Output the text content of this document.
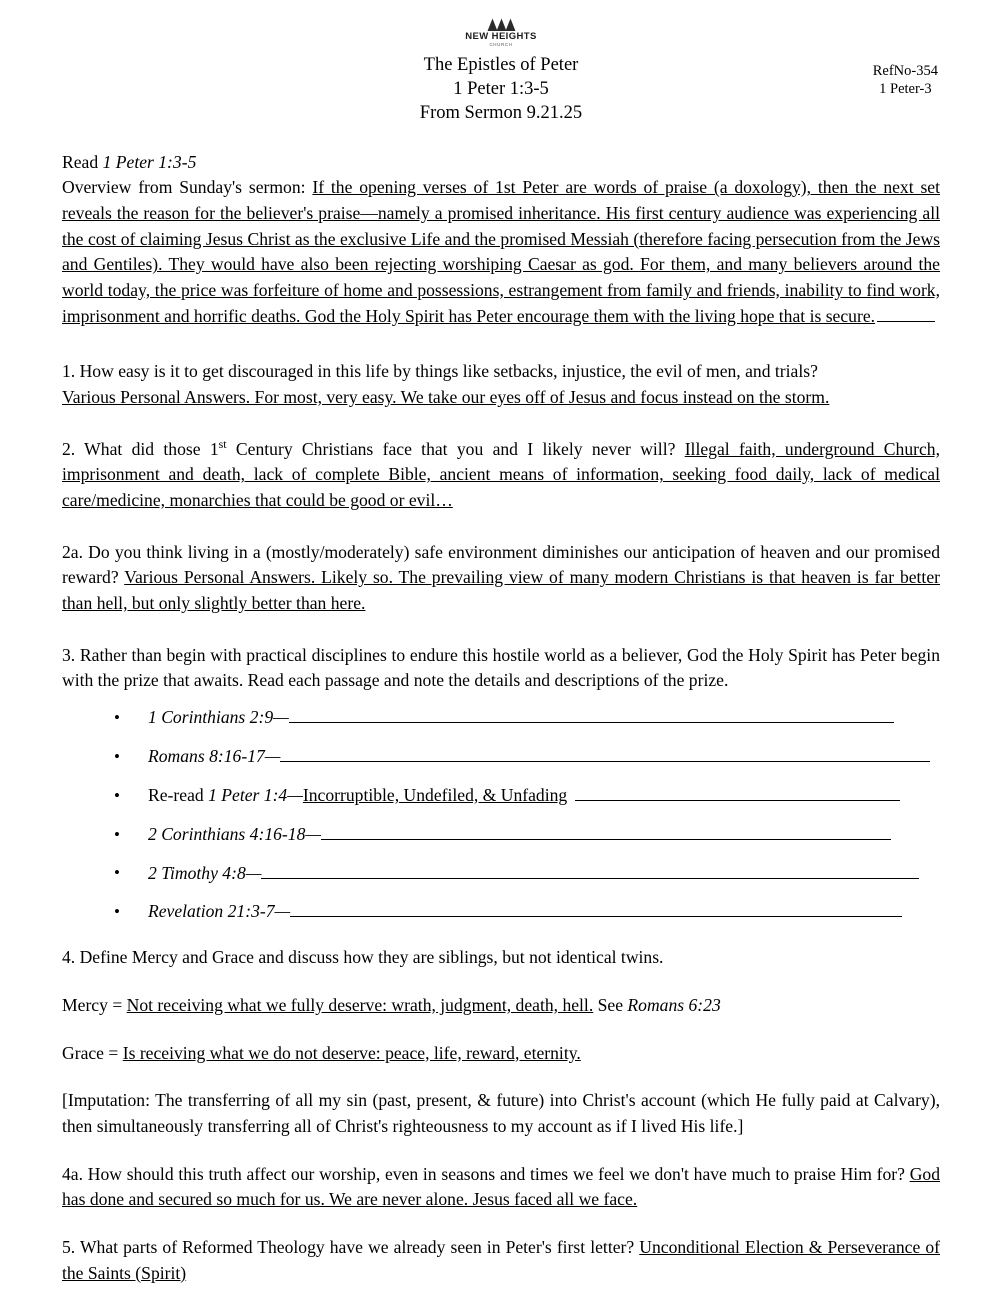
▲▲▲
NEW HEIGHTS
CHURCH
The Epistles of Peter
1 Peter 1:3-5
From Sermon 9.21.25
RefNo-354
1 Peter-3

Read 1 Peter 1:3-5

Overview from Sunday's sermon: If the opening verses of 1st Peter are words of praise (a doxology), then the next set reveals the reason for the believer's praise—namely a promised inheritance. His first century audience was experiencing all the cost of claiming Jesus Christ as the exclusive Life and the promised Messiah (therefore facing persecution from the Jews and Gentiles). They would have also been rejecting worshiping Caesar as god. For them, and many believers around the world today, the price was forfeiture of home and possessions, estrangement from family and friends, inability to find work, imprisonment and horrific deaths. God the Holy Spirit has Peter encourage them with the living hope that is secure.

1. How easy is it to get discouraged in this life by things like setbacks, injustice, the evil of men, and trials?

Various Personal Answers. For most, very easy. We take our eyes off of Jesus and focus instead on the storm.

2. What did those 1st Century Christians face that you and I likely never will? Illegal faith, underground Church, imprisonment and death, lack of complete Bible, ancient means of information, seeking food daily, lack of medical care/medicine, monarchies that could be good or evil…

2a. Do you think living in a (mostly/moderately) safe environment diminishes our anticipation of heaven and our promised reward? Various Personal Answers. Likely so. The prevailing view of many modern Christians is that heaven is far better than hell, but only slightly better than here.

3. Rather than begin with practical disciplines to endure this hostile world as a believer, God the Holy Spirit has Peter begin with the prize that awaits. Read each passage and note the details and descriptions of the prize.

• 1 Corinthians 2:9—
• Romans 8:16-17—
• Re-read 1 Peter 1:4—Incorruptible, Undefiled, & Unfading
• 2 Corinthians 4:16-18—
• 2 Timothy 4:8—
• Revelation 21:3-7—

4. Define Mercy and Grace and discuss how they are siblings, but not identical twins.

Mercy = Not receiving what we fully deserve: wrath, judgment, death, hell. See Romans 6:23

Grace = Is receiving what we do not deserve: peace, life, reward, eternity.

[Imputation: The transferring of all my sin (past, present, & future) into Christ's account (which He fully paid at Calvary), then simultaneously transferring all of Christ's righteousness to my account as if I lived His life.]

4a. How should this truth affect our worship, even in seasons and times we feel we don't have much to praise Him for? God has done and secured so much for us. We are never alone. Jesus faced all we face.

5. What parts of Reformed Theology have we already seen in Peter's first letter? Unconditional Election & Perseverance of the Saints (Spirit)
